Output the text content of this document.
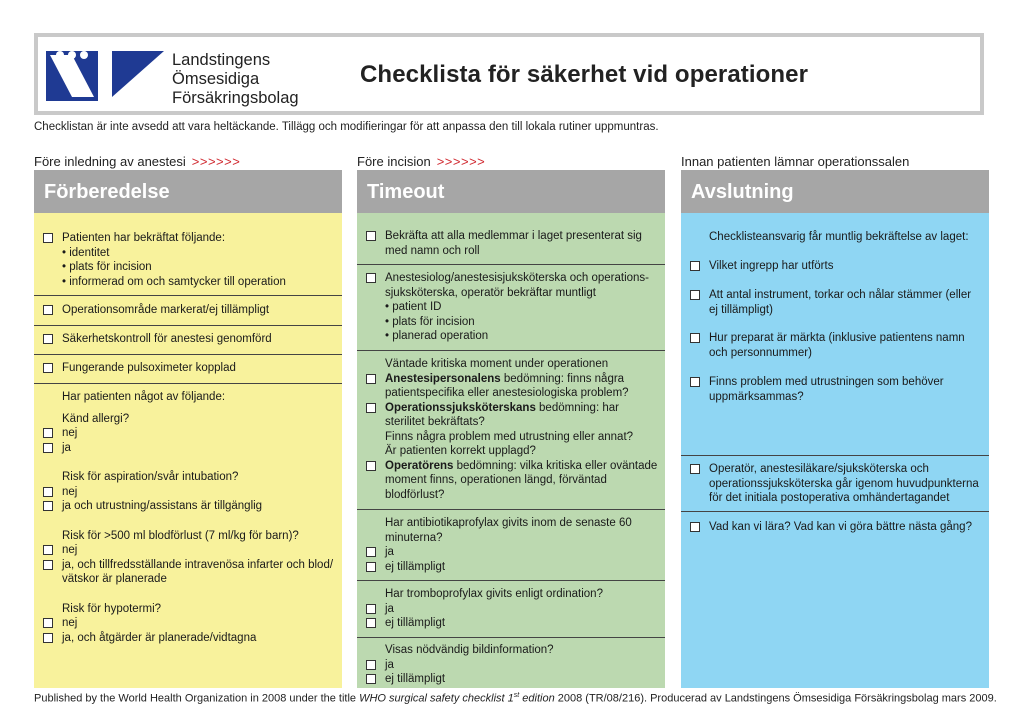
Landstingens
Ömsesidiga
Försäkringsbolag
Checklista för säkerhet vid operationer
Checklistan är inte avsedd att vara heltäckande. Tillägg och modifieringar för att anpassa den till lokala rutiner uppmuntras.
Före inledning av anestesi >>>>>>	Före incision >>>>>>	Innan patienten lämnar operationssalen
Förberedelse
Patienten har bekräftat följande:
• identitet
• plats för incision
• informerad om och samtycker till operation
Operationsområde markerat/ej tillämpligt
Säkerhetskontroll för anestesi genomförd
Fungerande pulsoximeter kopplad
Har patienten något av följande:
Känd allergi?
nej
ja
Risk för aspiration/svår intubation?
nej
ja och utrustning/assistans är tillgänglig
Risk för >500 ml blodförlust (7 ml/kg för barn)?
nej
ja, och tillfredsställande intravenösa infarter och blod/
vätskor är planerade
Risk för hypotermi?
nej
ja, och åtgärder är planerade/vidtagna
Timeout
Bekräfta att alla medlemmar i laget presenterat sig
med namn och roll
Anestesiolog/anestesisjuksköterska och operations-
sjuksköterska, operatör bekräftar muntligt
• patient ID
• plats för incision
• planerad operation
Väntade kritiska moment under operationen
Anestesipersonalens bedömning: finns några
patientspecifika eller anestesiologiska problem?
Operationssjuksköterskans bedömning: har
sterilitet bekräftats?
Finns några problem med utrustning eller annat?
Är patienten korrekt upplagd?
Operatörens bedömning: vilka kritiska eller oväntade
moment finns, operationen längd, förväntad
blodförlust?
Har antibiotikaprofylax givits inom de senaste 60
minuterna?
ja
ej tillämpligt
Har tromboprofylax givits enligt ordination?
ja
ej tillämpligt
Visas nödvändig bildinformation?
ja
ej tillämpligt
Avslutning
Checklisteansvarig får muntlig bekräftelse av laget:
Vilket ingrepp har utförts
Att antal instrument, torkar och nålar stämmer (eller
ej tillämpligt)
Hur preparat är märkta (inklusive patientens namn
och personnummer)
Finns problem med utrustningen som behöver
uppmärksammas?
Operatör, anestesiläkare/sjuksköterska och
operationssjuksköterska går igenom huvudpunkterna
för det initiala postoperativa omhändertagandet
Vad kan vi lära? Vad kan vi göra bättre nästa gång?
Published by the World Health Organization in 2008 under the title WHO surgical safety checklist 1st edition 2008 (TR/08/216). Producerad av Landstingens Ömsesidiga Försäkringsbolag mars 2009.
